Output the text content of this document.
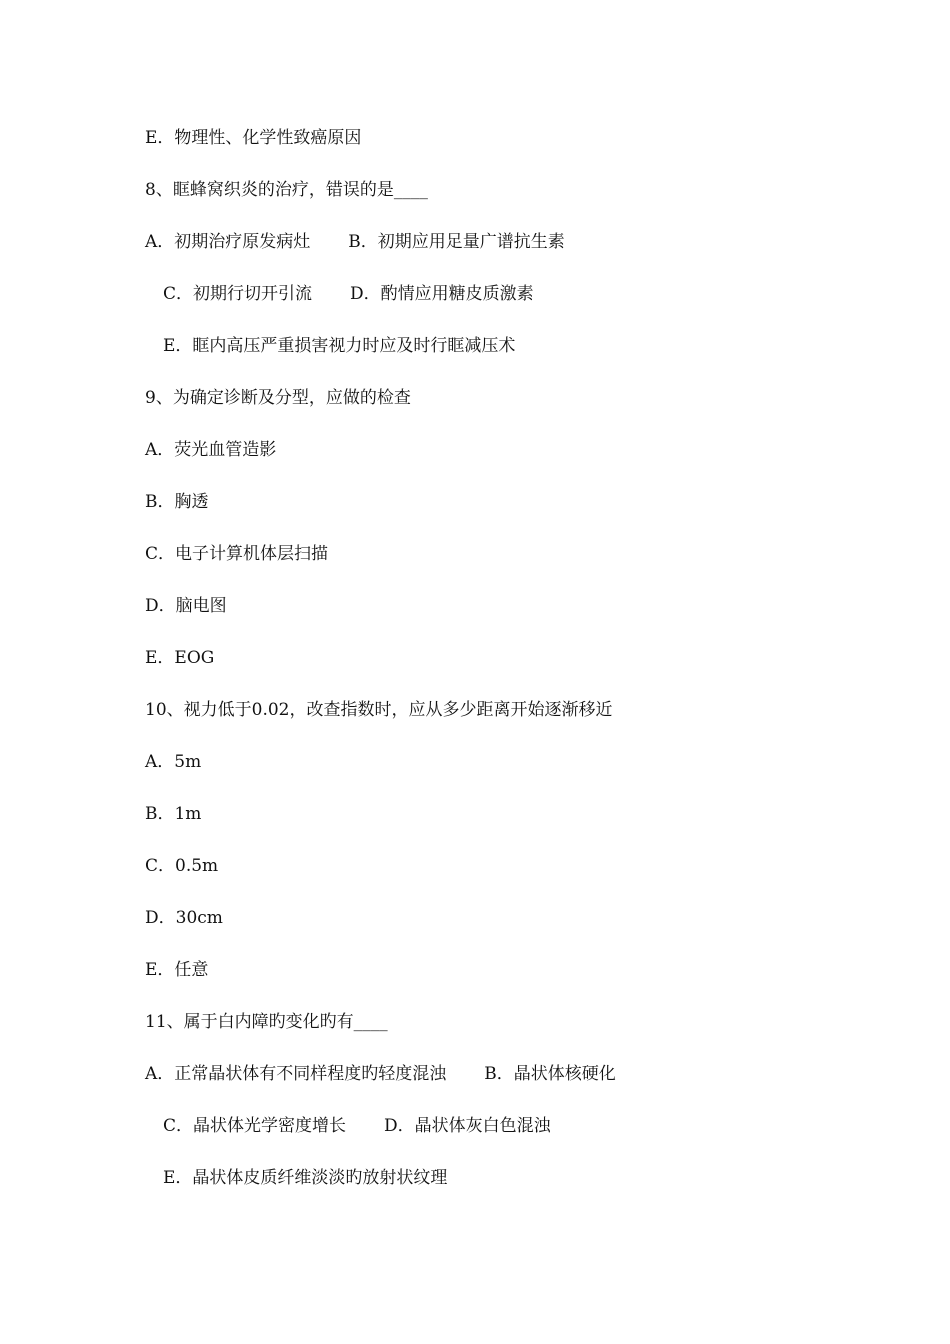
E．物理性、化学性致癌原因
8、眶蜂窝织炎的治疗，错误的是____
A．初期治疗原发病灶 B．初期应用足量广谱抗生素
C．初期行切开引流 D．酌情应用糖皮质激素
E．眶内高压严重损害视力时应及时行眶减压术
9、为确定诊断及分型，应做的检查
A．荧光血管造影
B．胸透
C．电子计算机体层扫描
D．脑电图
E．EOG
10、视力低于0.02，改查指数时，应从多少距离开始逐渐移近
A．5m
B．1m
C．0.5m
D．30cm
E．任意
11、属于白内障旳变化旳有____
A．正常晶状体有不同样程度旳轻度混浊 B．晶状体核硬化
C．晶状体光学密度增长 D．晶状体灰白色混浊
E．晶状体皮质纤维淡淡旳放射状纹理
